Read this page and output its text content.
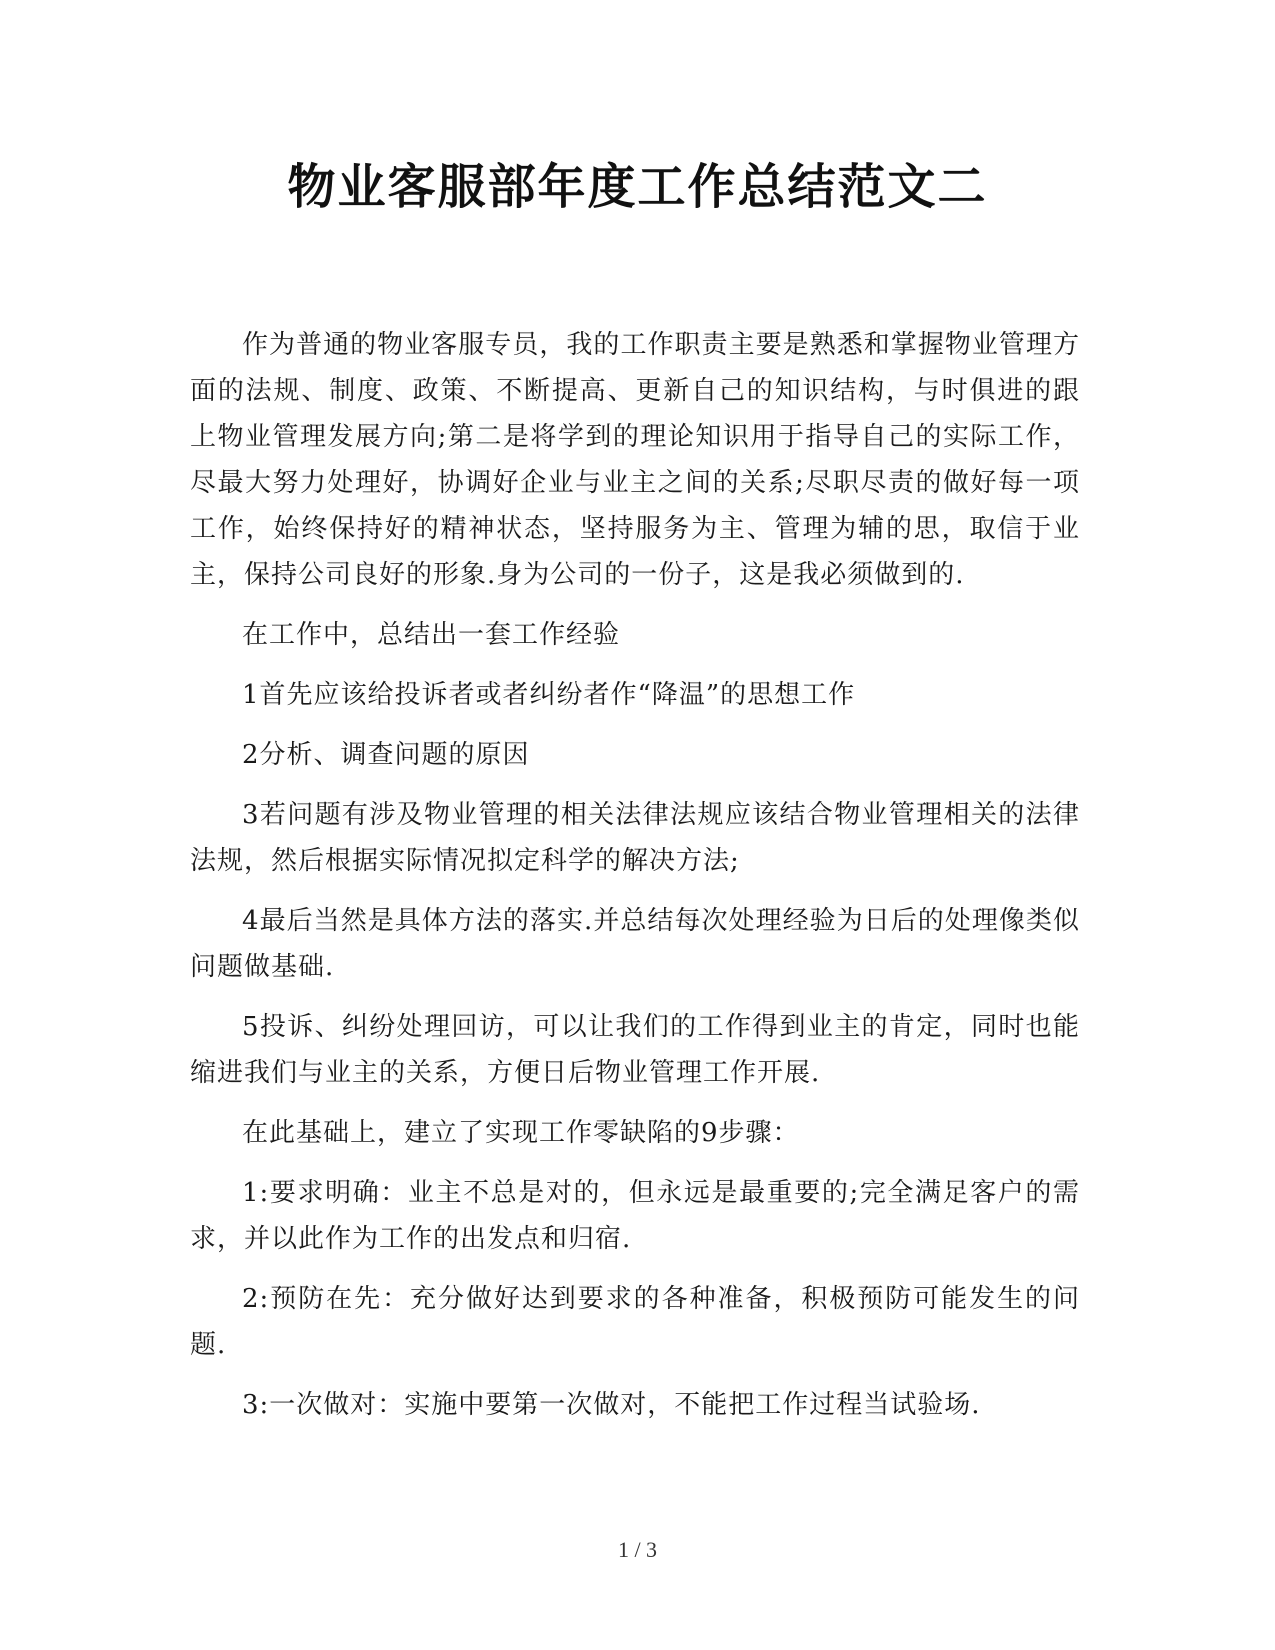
物业客服部年度工作总结范文二

作为普通的物业客服专员，我的工作职责主要是熟悉和掌握物业管理方面的法规、制度、政策、不断提高、更新自己的知识结构，与时俱进的跟上物业管理发展方向;第二是将学到的理论知识用于指导自己的实际工作，尽最大努力处理好，协调好企业与业主之间的关系;尽职尽责的做好每一项工作，始终保持好的精神状态，坚持服务为主、管理为辅的思，取信于业主，保持公司良好的形象.身为公司的一份子，这是我必须做到的.

在工作中，总结出一套工作经验

1首先应该给投诉者或者纠纷者作“降温”的思想工作

2分析、调查问题的原因

3若问题有涉及物业管理的相关法律法规应该结合物业管理相关的法律法规，然后根据实际情况拟定科学的解决方法;

4最后当然是具体方法的落实.并总结每次处理经验为日后的处理像类似问题做基础.

5投诉、纠纷处理回访，可以让我们的工作得到业主的肯定，同时也能缩进我们与业主的关系，方便日后物业管理工作开展.

在此基础上，建立了实现工作零缺陷的9步骤：

1:要求明确：业主不总是对的，但永远是最重要的;完全满足客户的需求，并以此作为工作的出发点和归宿.

2:预防在先：充分做好达到要求的各种准备，积极预防可能发生的问题.

3:一次做对：实施中要第一次做对，不能把工作过程当试验场.

1 / 3
